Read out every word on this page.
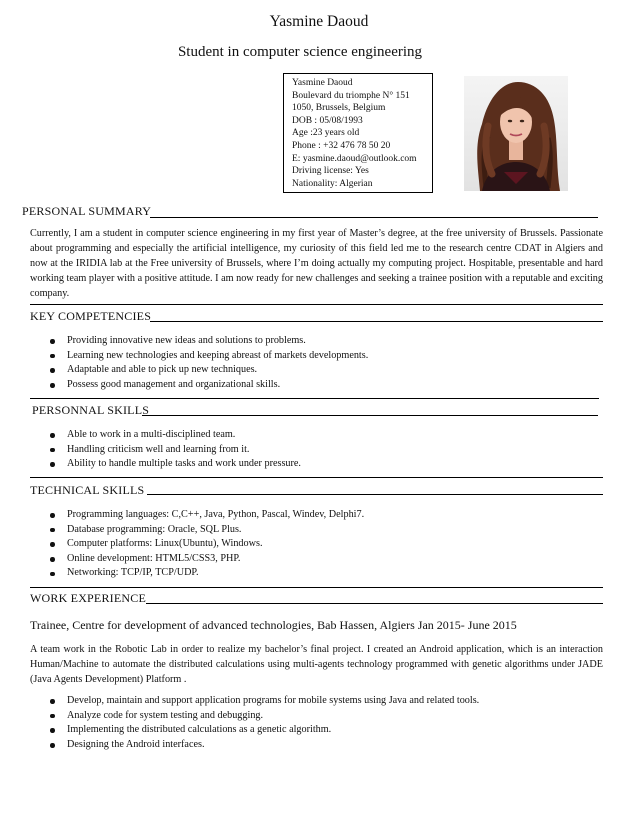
Yasmine Daoud
Student in computer science engineering
Yasmine Daoud
Boulevard du triomphe N° 151
1050, Brussels, Belgium
DOB : 05/08/1993
Age :23 years old
Phone : +32 476 78 50 20
E: yasmine.daoud@outlook.com
Driving license: Yes
Nationality: Algerian
PERSONAL SUMMARY
Currently, I am a student in computer science engineering in my first year of Master’s degree, at the free university of Brussels. Passionate about programming and especially the artificial intelligence, my curiosity of this field led me to the research centre CDAT in Algiers and now at the IRIDIA lab at the Free university of Brussels, where I’m doing actually my computing project. Hospitable, presentable and hard working team player with a positive attitude. I am now ready for new challenges and seeking a trainee position with a reputable and exciting company.
KEY COMPETENCIES
Providing innovative new ideas and solutions to problems.
Learning new technologies and keeping abreast of markets developments.
Adaptable and able to pick up new techniques.
Possess good management and organizational skills.
PERSONNAL SKILLS
Able to work in a multi-disciplined team.
Handling criticism well and learning from it.
Ability to handle multiple tasks and work under pressure.
TECHNICAL SKILLS
Programming languages: C,C++, Java, Python, Pascal, Windev, Delphi7.
Database programming: Oracle, SQL Plus.
Computer platforms: Linux(Ubuntu), Windows.
Online development: HTML5/CSS3, PHP.
Networking: TCP/IP, TCP/UDP.
WORK EXPERIENCE
Trainee, Centre for development of advanced technologies, Bab Hassen, Algiers Jan 2015- June 2015
A team work in the Robotic Lab in order to realize my bachelor’s final project. I created an Android application, which is an interaction Human/Machine to automate the distributed calculations using multi-agents technology programmed with genetic algorithms under JADE (Java Agents Development) Platform .
Develop, maintain and support application programs for mobile systems using Java and related tools.
Analyze code for system testing and debugging.
Implementing the distributed calculations as a genetic algorithm.
Designing the Android interfaces.
